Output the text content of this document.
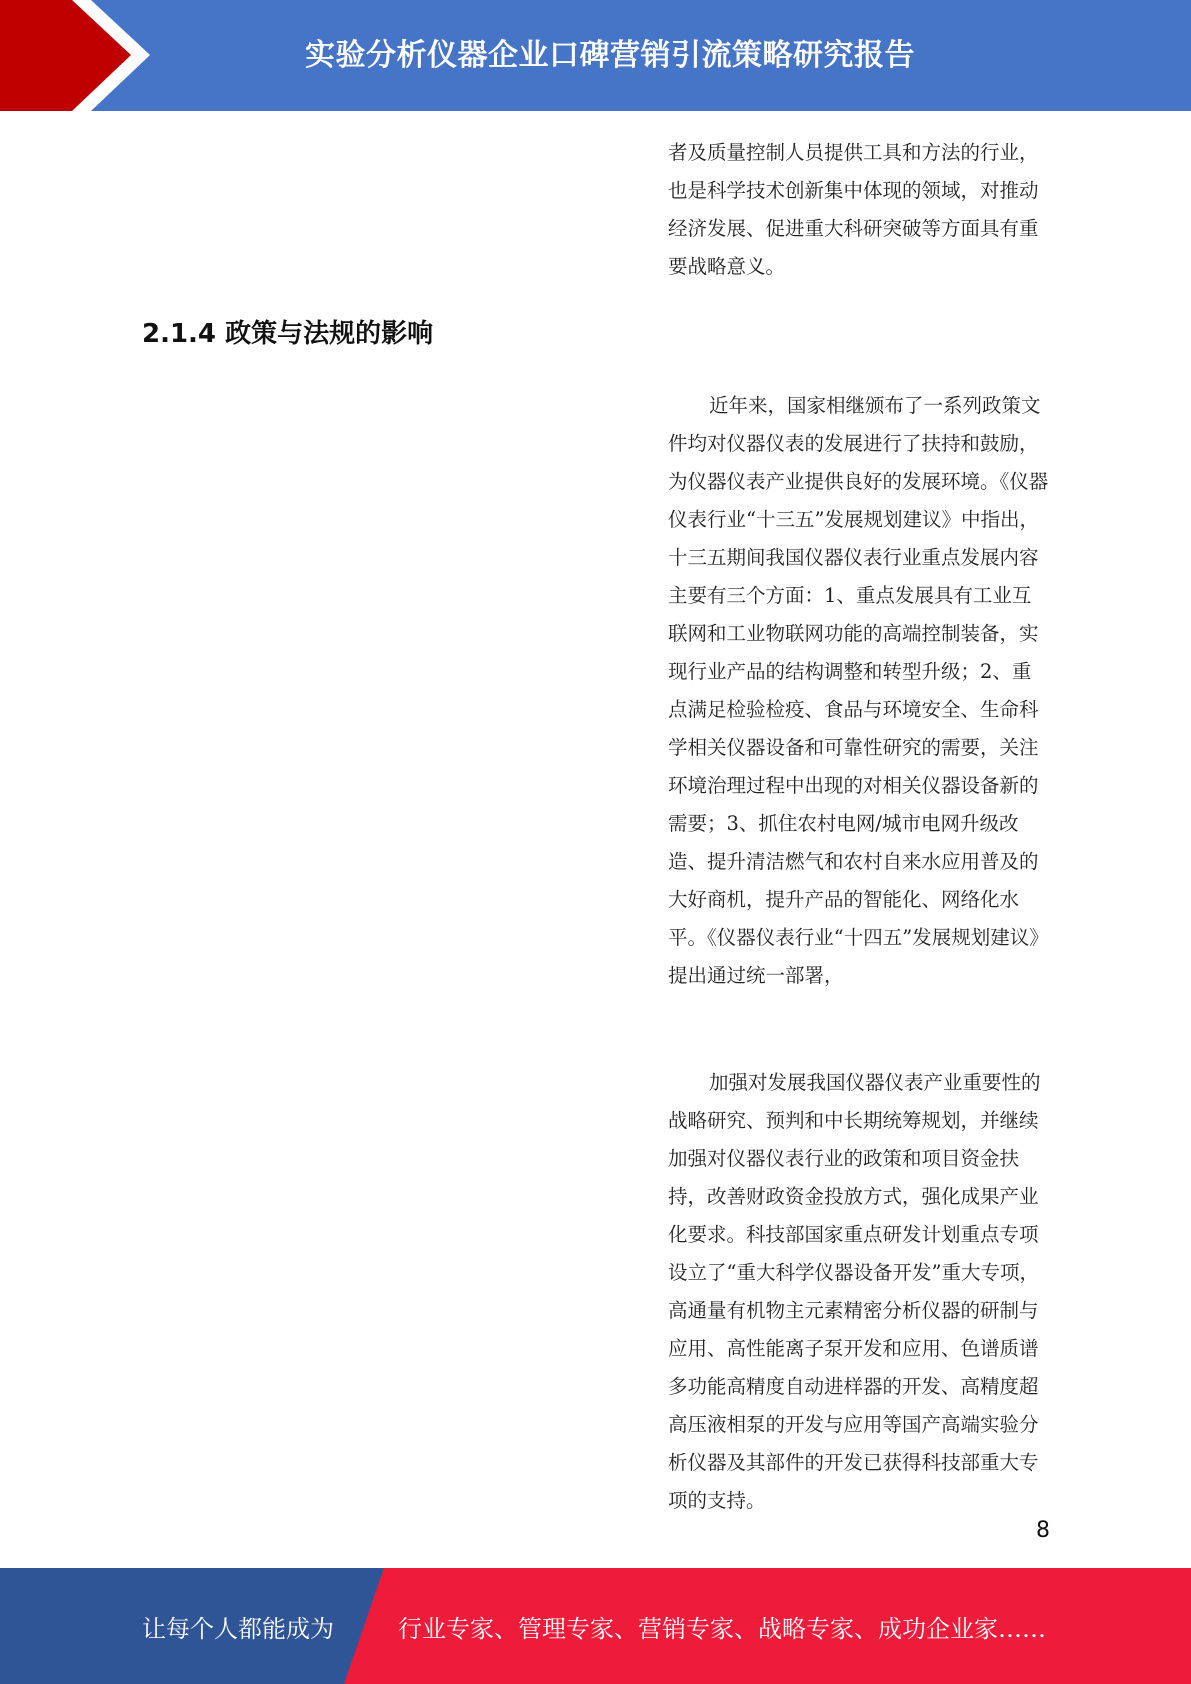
实验分析仪器企业口碑营销引流策略研究报告

者及质量控制人员提供工具和方法的行业，也是科学技术创新集中体现的领域，对推动经济发展、促进重大科研突破等方面具有重要战略意义。

2.1.4 政策与法规的影响

近年来，国家相继颁布了一系列政策文件均对仪器仪表的发展进行了扶持和鼓励，为仪器仪表产业提供良好的发展环境。《仪器仪表行业“十三五”发展规划建议》中指出，十三五期间我国仪器仪表行业重点发展内容主要有三个方面：1、重点发展具有工业互联网和工业物联网功能的高端控制装备，实现行业产品的结构调整和转型升级；2、重点满足检验检疫、食品与环境安全、生命科学相关仪器设备和可靠性研究的需要，关注环境治理过程中出现的对相关仪器设备新的需要；3、抓住农村电网/城市电网升级改造、提升清洁燃气和农村自来水应用普及的大好商机，提升产品的智能化、网络化水平。《仪器仪表行业“十四五”发展规划建议》提出通过统一部署，

加强对发展我国仪器仪表产业重要性的战略研究、预判和中长期统筹规划，并继续加强对仪器仪表行业的政策和项目资金扶持，改善财政资金投放方式，强化成果产业化要求。科技部国家重点研发计划重点专项设立了“重大科学仪器设备开发”重大专项，高通量有机物主元素精密分析仪器的研制与应用、高性能离子泵开发和应用、色谱质谱多功能高精度自动进样器的开发、高精度超高压液相泵的开发与应用等国产高端实验分析仪器及其部件的开发已获得科技部重大专项的支持。

8
让每个人都能成为	行业专家、管理专家、营销专家、战略专家、成功企业家……
